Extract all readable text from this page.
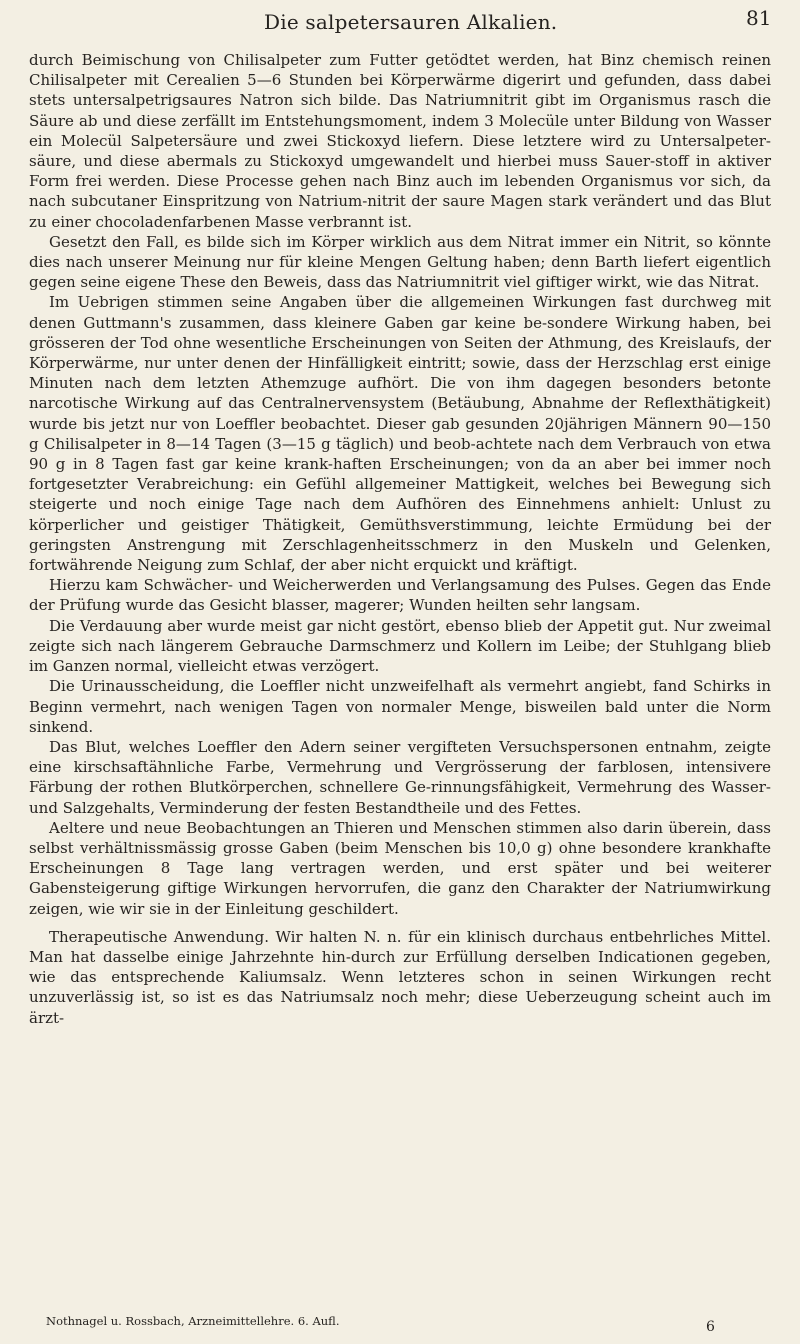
Die salpetersauren Alkalien.	81

durch Beimischung von Chilisalpeter zum Futter getödtet werden, hat Binz chemisch reinen Chilisalpeter mit Cerealien 5—6 Stunden bei Körperwärme digerirt und gefunden, dass dabei stets untersalpetrigsaures Natron sich bilde. Das Natriumnitrit gibt im Organismus rasch die Säure ab und diese zerfällt im Entstehungsmoment, indem 3 Molecüle unter Bildung von Wasser ein Molecül Salpetersäure und zwei Stickoxyd liefern. Diese letztere wird zu Untersalpeter-säure, und diese abermals zu Stickoxyd umgewandelt und hierbei muss Sauer-stoff in aktiver Form frei werden. Diese Processe gehen nach Binz auch im lebenden Organismus vor sich, da nach subcutaner Einspritzung von Natrium-nitrit der saure Magen stark verändert und das Blut zu einer chocoladenfarbenen Masse verbrannt ist.

Gesetzt den Fall, es bilde sich im Körper wirklich aus dem Nitrat immer ein Nitrit, so könnte dies nach unserer Meinung nur für kleine Mengen Geltung haben; denn Barth liefert eigentlich gegen seine eigene These den Beweis, dass das Natriumnitrit viel giftiger wirkt, wie das Nitrat.

Im Uebrigen stimmen seine Angaben über die allgemeinen Wirkungen fast durchweg mit denen Guttmann's zusammen, dass kleinere Gaben gar keine be-sondere Wirkung haben, bei grösseren der Tod ohne wesentliche Erscheinungen von Seiten der Athmung, des Kreislaufs, der Körperwärme, nur unter denen der Hinfälligkeit eintritt; sowie, dass der Herzschlag erst einige Minuten nach dem letzten Athemzuge aufhört. Die von ihm dagegen besonders betonte narcotische Wirkung auf das Centralnervensystem (Betäubung, Abnahme der Reflexthätigkeit) wurde bis jetzt nur von Loeffler beobachtet. Dieser gab gesunden 20jährigen Männern 90—150 g Chilisalpeter in 8—14 Tagen (3—15 g täglich) und beob-achtete nach dem Verbrauch von etwa 90 g in 8 Tagen fast gar keine krank-haften Erscheinungen; von da an aber bei immer noch fortgesetzter Verabreichung: ein Gefühl allgemeiner Mattigkeit, welches bei Bewegung sich steigerte und noch einige Tage nach dem Aufhören des Einnehmens anhielt: Unlust zu körperlicher und geistiger Thätigkeit, Gemüthsverstimmung, leichte Ermüdung bei der geringsten Anstrengung mit Zerschlagenheitsschmerz in den Muskeln und Gelenken, fortwährende Neigung zum Schlaf, der aber nicht erquickt und kräftigt.

Hierzu kam Schwächer- und Weicherwerden und Verlangsamung des Pulses. Gegen das Ende der Prüfung wurde das Gesicht blasser, magerer; Wunden heilten sehr langsam.

Die Verdauung aber wurde meist gar nicht gestört, ebenso blieb der Appetit gut. Nur zweimal zeigte sich nach längerem Gebrauche Darmschmerz und Kollern im Leibe; der Stuhlgang blieb im Ganzen normal, vielleicht etwas verzögert.

Die Urinausscheidung, die Loeffler nicht unzweifelhaft als vermehrt angiebt, fand Schirks in Beginn vermehrt, nach wenigen Tagen von normaler Menge, bisweilen bald unter die Norm sinkend.

Das Blut, welches Loeffler den Adern seiner vergifteten Versuchspersonen entnahm, zeigte eine kirschsaftähnliche Farbe, Vermehrung und Vergrösserung der farblosen, intensivere Färbung der rothen Blutkörperchen, schnellere Ge-rinnungsfähigkeit, Vermehrung des Wasser- und Salzgehalts, Verminderung der festen Bestandtheile und des Fettes.

Aeltere und neue Beobachtungen an Thieren und Menschen stimmen also darin überein, dass selbst verhältnissmässig grosse Gaben (beim Menschen bis 10,0 g) ohne besondere krankhafte Erscheinungen 8 Tage lang vertragen werden, und erst später und bei weiterer Gabensteigerung giftige Wirkungen hervorrufen, die ganz den Charakter der Natriumwirkung zeigen, wie wir sie in der Einleitung geschildert.

Therapeutische Anwendung. Wir halten N. n. für ein klinisch durchaus entbehrliches Mittel. Man hat dasselbe einige Jahrzehnte hin-durch zur Erfüllung derselben Indicationen gegeben, wie das entsprechende Kaliumsalz. Wenn letzteres schon in seinen Wirkungen recht unzuverlässig ist, so ist es das Natriumsalz noch mehr; diese Ueberzeugung scheint auch im ärzt-

Nothnagel u. Rossbach, Arzneimittellehre. 6. Aufl.	6
